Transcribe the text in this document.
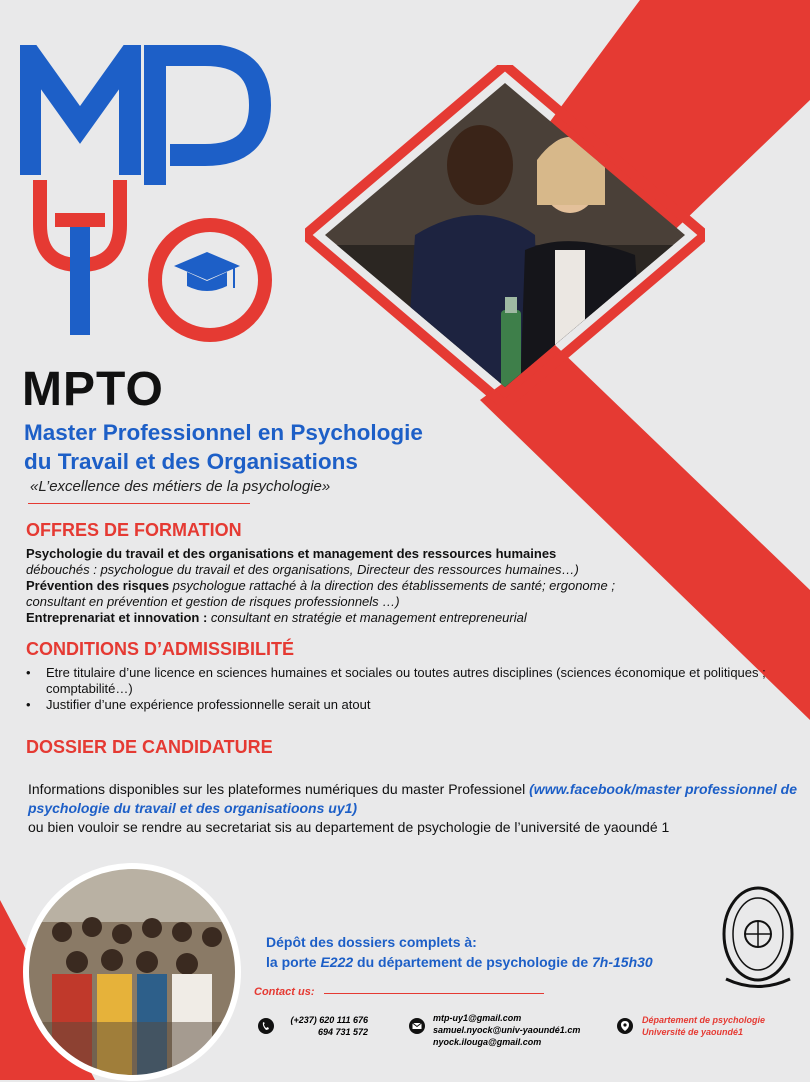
MPTO
Master Professionnel en Psychologie
du Travail et des Organisations
«L’excellence des métiers de la psychologie»
OFFRES DE FORMATION
Psychologie du travail et des organisations et management des ressources humaines
débouchés : psychologue du travail et des organisations, Directeur des ressources humaines…)
Prévention des risques psychologue rattaché à la direction des établissements de santé; ergonome ;
consultant en prévention et gestion de risques professionnels …)
Entreprenariat et innovation : consultant en stratégie et management entrepreneurial
CONDITIONS D’ADMISSIBILITÉ
• Etre titulaire d’une licence en sciences humaines et sociales ou toutes autres disciplines (sciences économique et politiques ; comptabilité…)
• Justifier d’une expérience professionnelle serait un atout
DOSSIER DE CANDIDATURE
Informations disponibles sur les plateformes numériques du master Professionel (www.facebook/master professionnel de psychologie du travail et des organisatioons uy1)
ou bien vouloir se rendre au secretariat sis au departement de psychologie de l’université de yaoundé 1
Dépôt des dossiers complets à:
la porte E222 du département de psychologie de 7h-15h30
Contact us:
(+237) 620 111 676
694 731 572
mtp-uy1@gmail.com
samuel.nyock@univ-yaoundé1.cm
nyock.ilouga@gmail.com
Département de psychologie
Université de yaoundé1
